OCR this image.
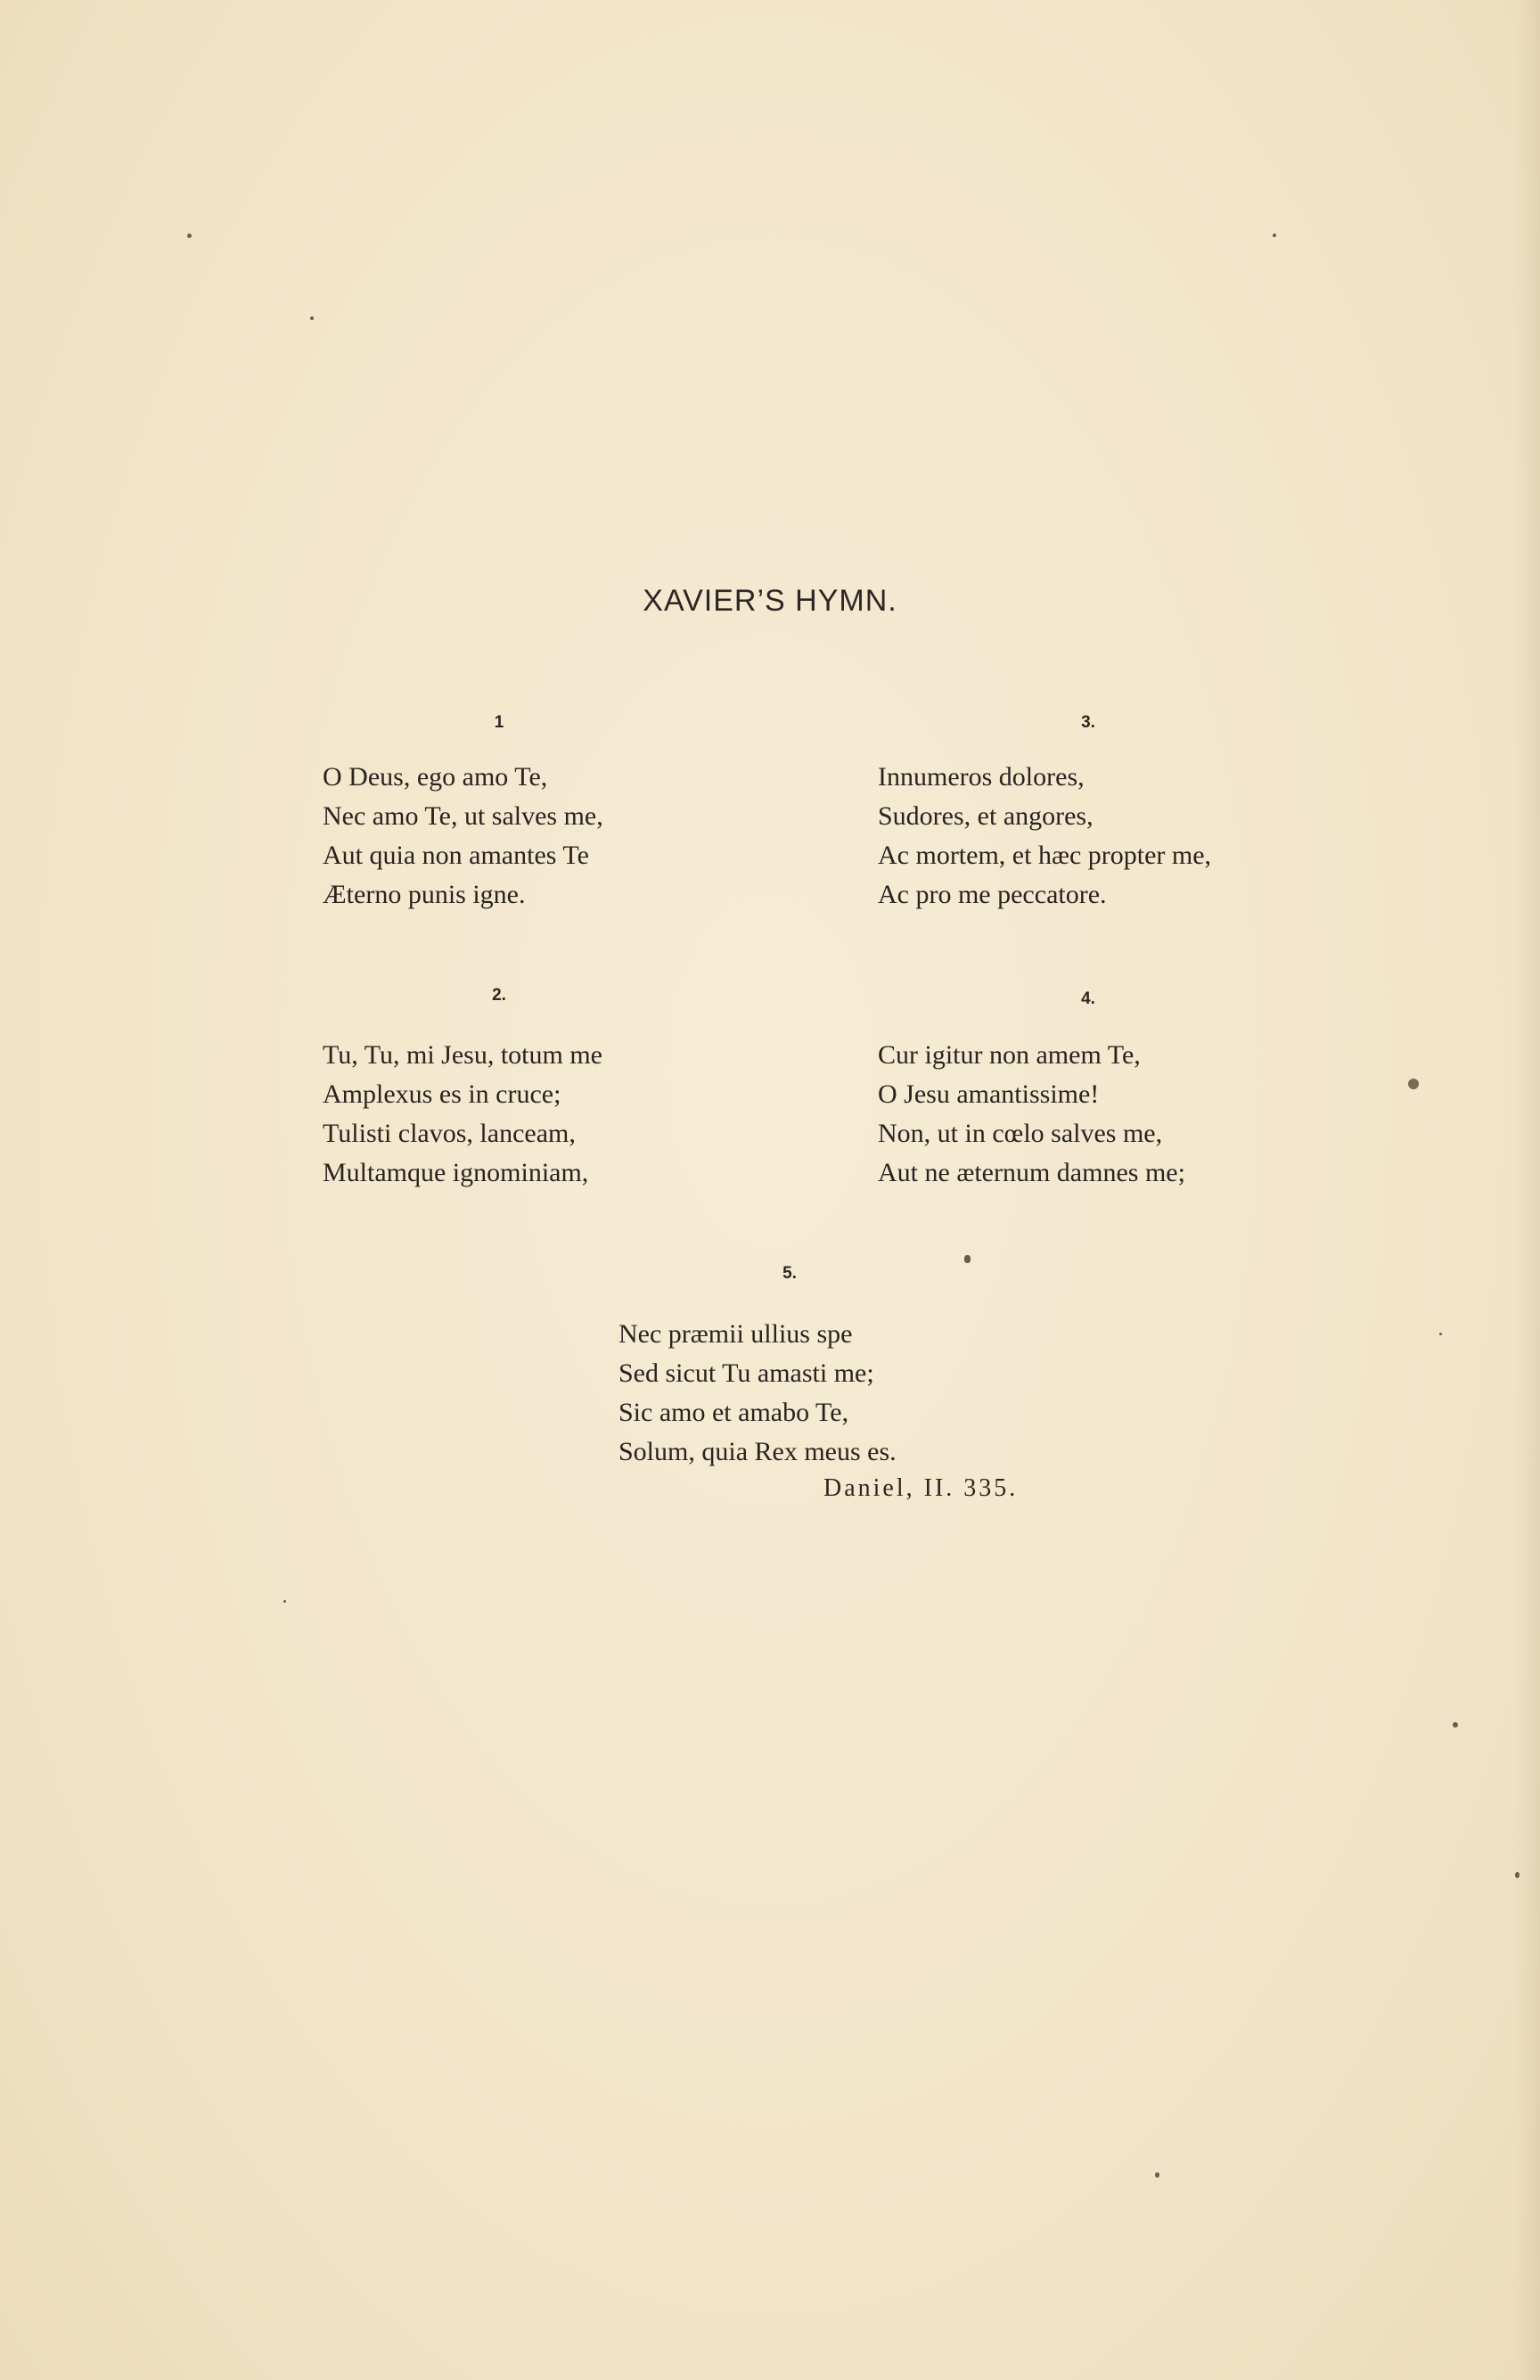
XAVIER’S HYMN.
1
O Deus, ego amo Te,
Nec amo Te, ut salves me,
Aut quia non amantes Te
Æterno punis igne.
2.
Tu, Tu, mi Jesu, totum me
Amplexus es in cruce;
Tulisti clavos, lanceam,
Multamque ignominiam,
3.
Innumeros dolores,
Sudores, et angores,
Ac mortem, et hæc propter me,
Ac pro me peccatore.
4.
Cur igitur non amem Te,
O Jesu amantissime!
Non, ut in cœlo salves me,
Aut ne æternum damnes me;
5.
Nec præmii ullius spe
Sed sicut Tu amasti me;
Sic amo et amabo Te,
Solum, quia Rex meus es.
Daniel, II. 335.
